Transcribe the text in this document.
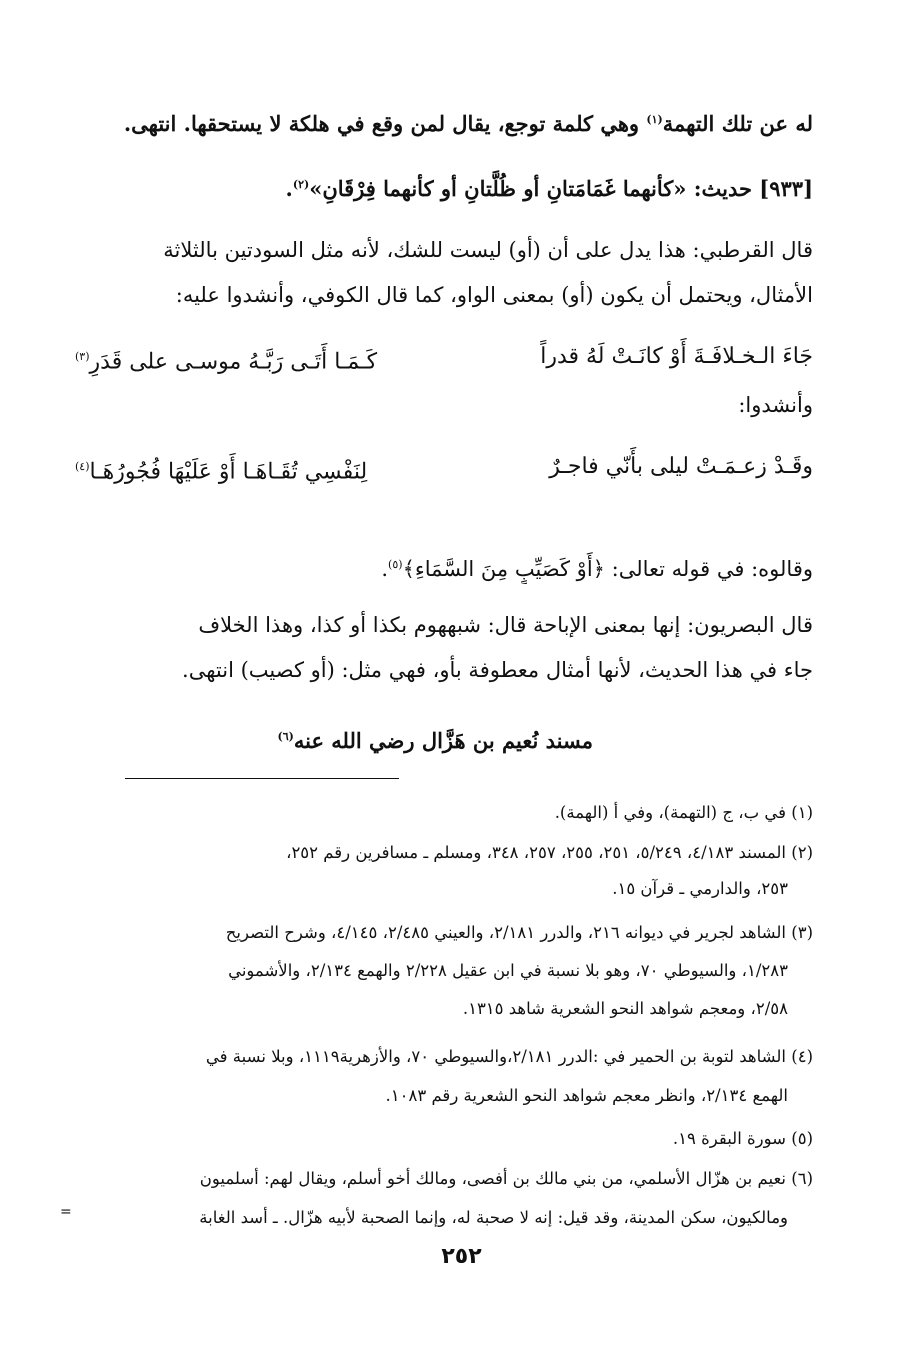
له عن تلك التهمة$^{(١)}$ وهي كلمة توجع، يقال لمن وقع في هلكة لا يستحقها. انتهى.
[٩٣٣] حديث: «كأنهما غَمَامَتانِ أو ظُلَّتانِ أو كأنهما فِرْقَانِ»$^{(٢)}$.
قال القرطبي: هذا يدل على أن (أو) ليست للشك، لأنه مثل السودتين بالثلاثة
الأمثال، ويحتمل أن يكون (أو) بمعنى الواو، كما قال الكوفي، وأنشدوا عليه:
جَاءَ الـخـلافَـةَ أَوْ كانَـتْ لَهُ قدراً
كَـمَـا أَتَـى رَبَّـهُ موسـى على قَدَرِ$^{(٣)}$
وأنشدوا:
وقَـدْ زعـمَـتْ ليلى بأَنّي فاجـرٌ
لِنَفْسِي تُقَـاهَـا أَوْ عَلَيْهَا فُجُورُهَـا$^{(٤)}$
وقالوه: في قوله تعالى: ﴿أَوْ كَصَيِّبٍ مِنَ السَّمَاءِ﴾$^{(٥)}$.
قال البصريون: إنها بمعنى الإباحة قال: شبههوم بكذا أو كذا، وهذا الخلاف
جاء في هذا الحديث، لأنها أمثال معطوفة بأو، فهي مثل: (أو كصيب) انتهى.
مسند نُعيم بن هَزَّال رضي الله عنه$^{(٦)}$
(١) في ب، ج (التهمة)، وفي أ (الهمة).
(٢) المسند ٤/١٨٣، ٥/٢٤٩، ٢٥١، ٢٥٥، ٢٥٧، ٣٤٨، ومسلم ـ مسافرين رقم ٢٥٢،
٢٥٣، والدارمي ـ قرآن ١٥.
(٣) الشاهد لجرير في ديوانه ٢١٦، والدرر ٢/١٨١، والعيني ٢/٤٨٥، ٤/١٤٥، وشرح التصريح
١/٢٨٣، والسيوطي ٧٠، وهو بلا نسبة في ابن عقيل ٢/٢٢٨ والهمع ٢/١٣٤، والأشموني
٢/٥٨، ومعجم شواهد النحو الشعرية شاهد ١٣١٥.
(٤) الشاهد لتوبة بن الحمير في :الدرر ٢/١٨١،والسيوطي ٧٠، والأزهرية١١١٩، وبلا نسبة في
الهمع ٢/١٣٤، وانظر معجم شواهد النحو الشعرية رقم ١٠٨٣.
(٥) سورة البقرة ١٩.
(٦) نعيم بن هزّال الأسلمي، من بني مالك بن أفصى، ومالك أخو أسلم، ويقال لهم: أسلميون
ومالكيون، سكن المدينة، وقد قيل: إنه لا صحبة له، وإنما الصحبة لأبيه هزّال. ـ أسد الغابة
=
٢٥٢
